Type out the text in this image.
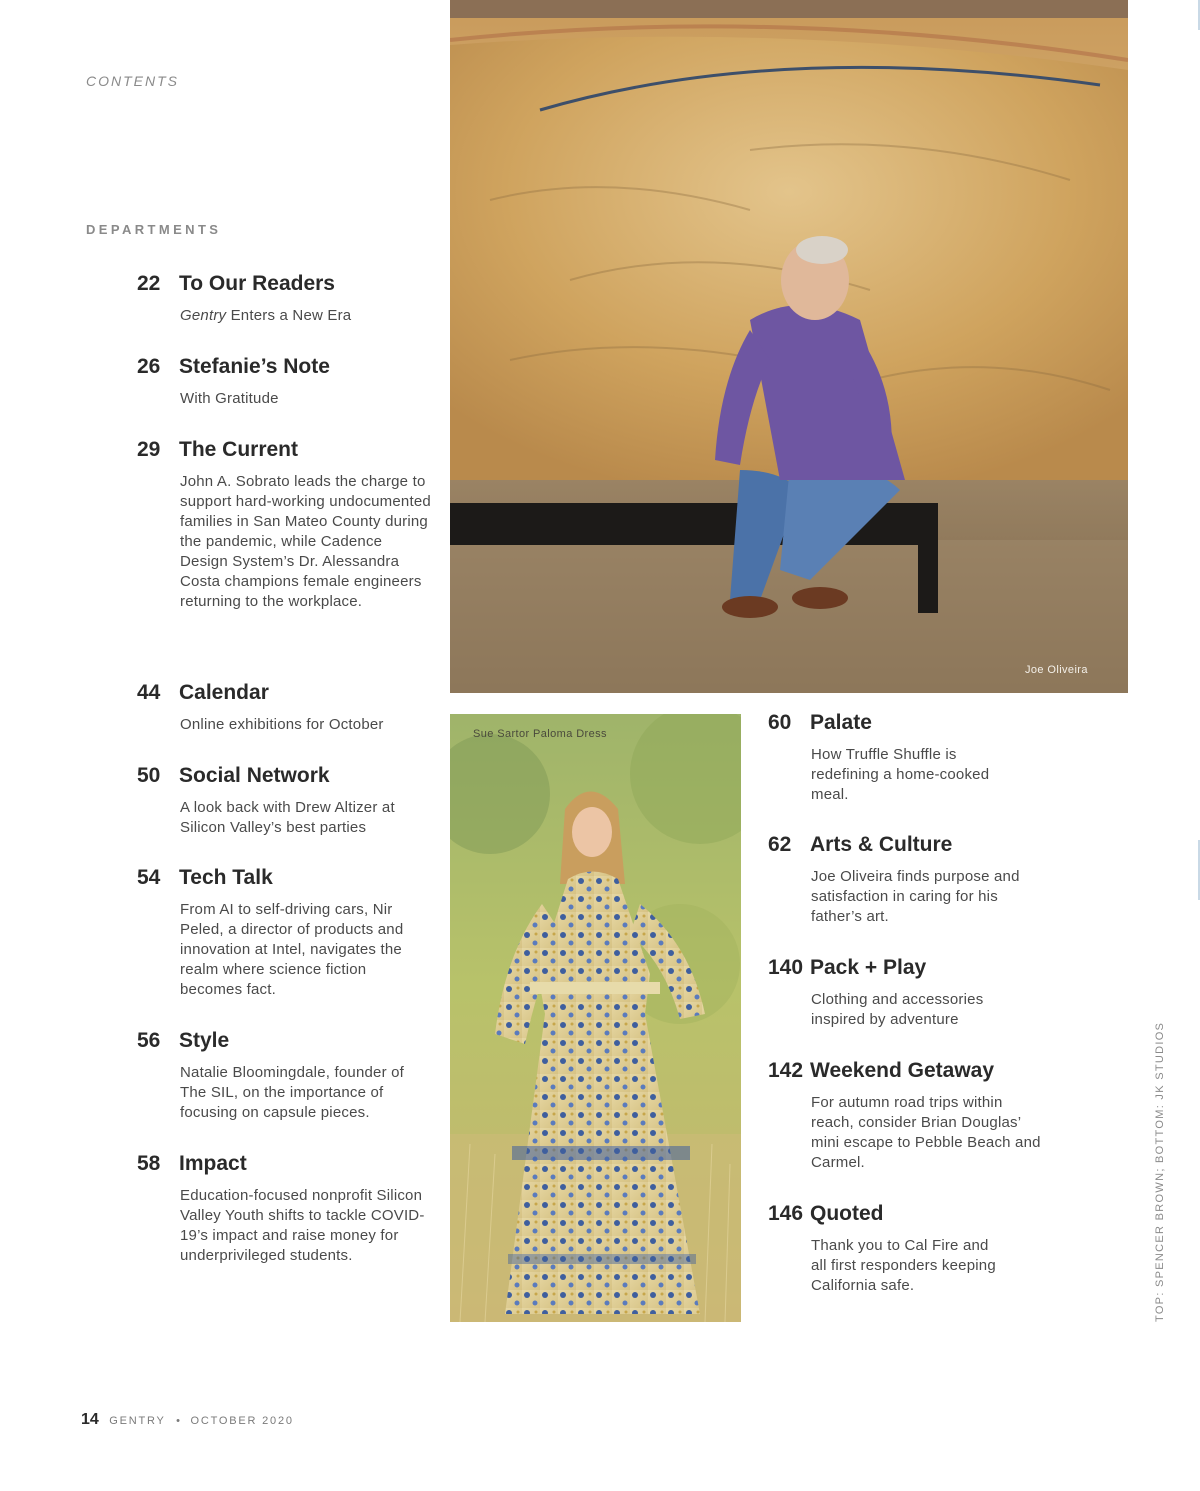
CONTENTS
DEPARTMENTS
22 To Our Readers
Gentry Enters a New Era
26 Stefanie’s Note
With Gratitude
29 The Current
John A. Sobrato leads the charge to support hard-working undocumented families in San Mateo County during the pandemic, while Cadence Design System’s Dr. Alessandra Costa champions female engineers returning to the workplace.
44 Calendar
Online exhibitions for October
50 Social Network
A look back with Drew Altizer at Silicon Valley’s best parties
54 Tech Talk
From AI to self-driving cars, Nir Peled, a director of products and innovation at Intel, navigates the realm where science fiction becomes fact.
56 Style
Natalie Bloomingdale, founder of The SIL, on the importance of focusing on capsule pieces.
58 Impact
Education-focused nonprofit Silicon Valley Youth shifts to tackle COVID-19’s impact and raise money for underprivileged students.
Joe Oliveira
Sue Sartor Paloma Dress	60 Palate
How Truffle Shuffle is redefining a home-cooked meal.
62 Arts & Culture
Joe Oliveira finds purpose and satisfaction in caring for his father’s art.
140 Pack + Play
Clothing and accessories inspired by adventure
142 Weekend Getaway
For autumn road trips within reach, consider Brian Douglas’ mini escape to Pebble Beach and Carmel.
146 Quoted
Thank you to Cal Fire and all first responders keeping California safe.	TOP: SPENCER BROWN; BOTTOM: JK STUDIOS
14 GENTRY • OCTOBER 2020
